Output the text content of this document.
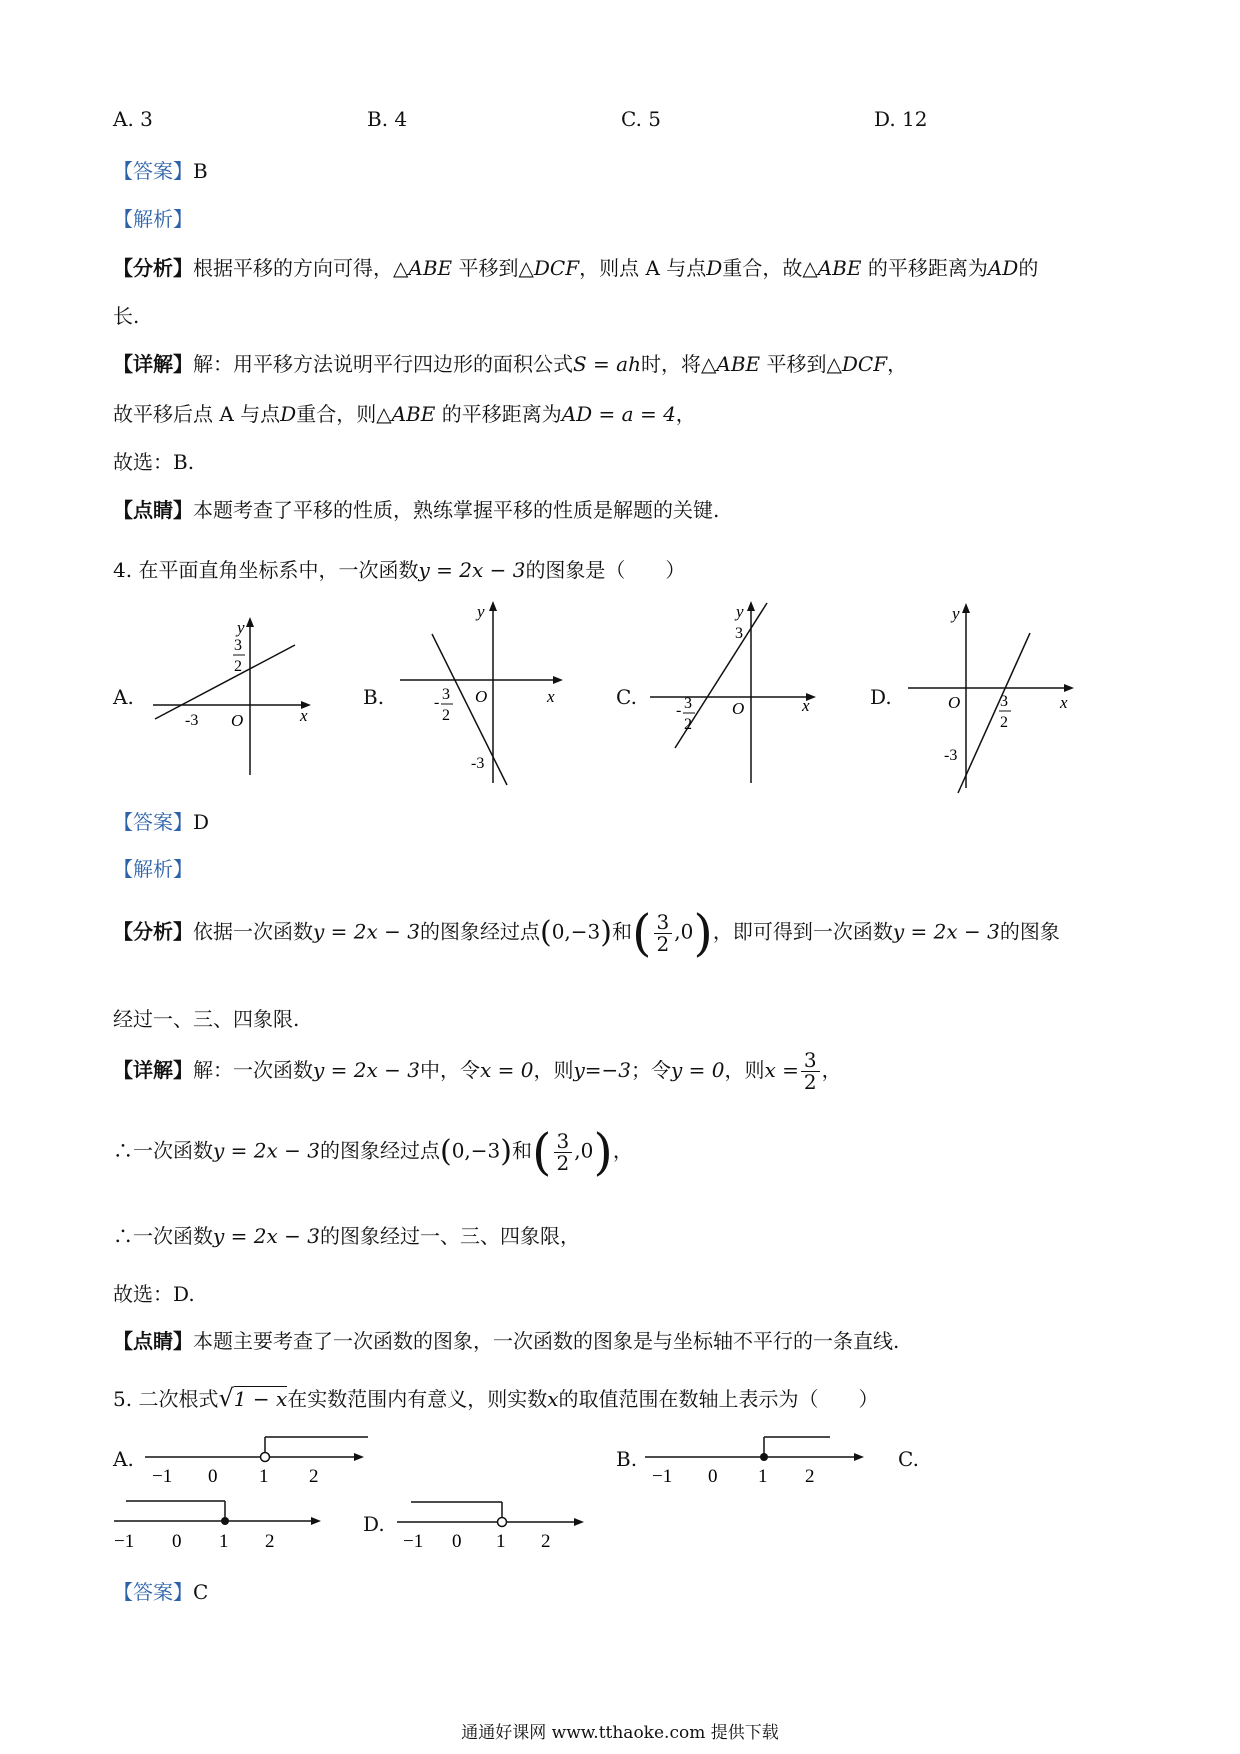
A. 3	B. 4	C. 5	D. 12
【答案】B
【解析】
【分析】根据平移的方向可得，△ABE 平移到△DCF，则点 A 与点D重合，故△ABE 的平移距离为AD的
长.
【详解】解：用平移方法说明平行四边形的面积公式S = ah时，将△ABE 平移到△DCF，
故平移后点 A 与点D重合，则△ABE 的平移距离为AD = a = 4，
故选：B.
【点睛】本题考查了平移的性质，熟练掌握平移的性质是解题的关键.
4. 在平面直角坐标系中，一次函数y = 2x − 3的图象是（　　）
A.
y
x
O
-3
3
2
B.
y
x
O
-3
- 3
2
C.
y
x
O
3
- 3
2
D.
y
x
O
-3
3
2
【答案】D
【解析】
【分析】依据一次函数y = 2x − 3的图象经过点(0,−3)和( $\frac{3}{2} ,0$)，即可得到一次函数y = 2x − 3的图象
经过一、三、四象限.
【详解】解：一次函数y = 2x − 3中，令x = 0，则y=−3；令y = 0，则$x = \frac{3}{2}$ ，
∴一次函数y = 2x − 3的图象经过点(0,−3)和( $\frac{3}{2} ,0$)，
∴一次函数y = 2x − 3的图象经过一、三、四象限，
故选：D.
【点睛】本题主要考查了一次函数的图象，一次函数的图象是与坐标轴不平行的一条直线.
5. 二次根式√1 − x在实数范围内有意义，则实数x的取值范围在数轴上表示为（　　）
A.
−1 0 1 2
B.
−1 0 1 2
C.
−1 0 1 2
D.
−1 0 1 2
【答案】C
通通好课网 www.tthaoke.com 提供下载
